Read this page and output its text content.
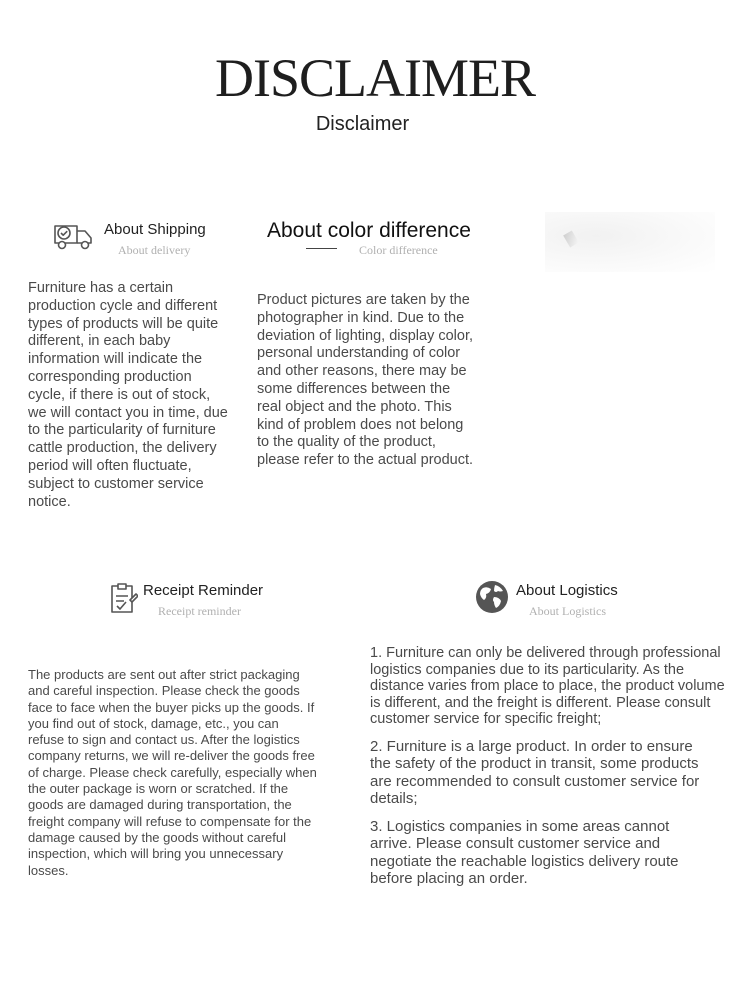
DISCLAIMER
Disclaimer
About Shipping
About delivery
Furniture has a certain
production cycle and different
types of products will be quite
different, in each baby
information will indicate the
corresponding production
cycle, if there is out of stock,
we will contact you in time, due
to the particularity of furniture
cattle production, the delivery
period will often fluctuate,
subject to customer service
notice.
About color difference
Color difference
Product pictures are taken by the
photographer in kind. Due to the
deviation of lighting, display color,
personal understanding of color
and other reasons, there may be
some differences between the
real object and the photo. This
kind of problem does not belong
to the quality of the product,
please refer to the actual product.
Receipt Reminder
Receipt reminder
The products are sent out after strict packaging
and careful inspection. Please check the goods
face to face when the buyer picks up the goods. If
you find out of stock, damage, etc., you can
refuse to sign and contact us. After the logistics
company returns, we will re-deliver the goods free
of charge. Please check carefully, especially when
the outer package is worn or scratched. If the
goods are damaged during transportation, the
freight company will refuse to compensate for the
damage caused by the goods without careful
inspection, which will bring you unnecessary
losses.
About Logistics
About Logistics
1. Furniture can only be delivered through professional
logistics companies due to its particularity. As the
distance varies from place to place, the product volume
is different, and the freight is different. Please consult
customer service for specific freight;
2. Furniture is a large product. In order to ensure
the safety of the product in transit, some products
are recommended to consult customer service for
details;
3. Logistics companies in some areas cannot
arrive. Please consult customer service and
negotiate the reachable logistics delivery route
before placing an order.
